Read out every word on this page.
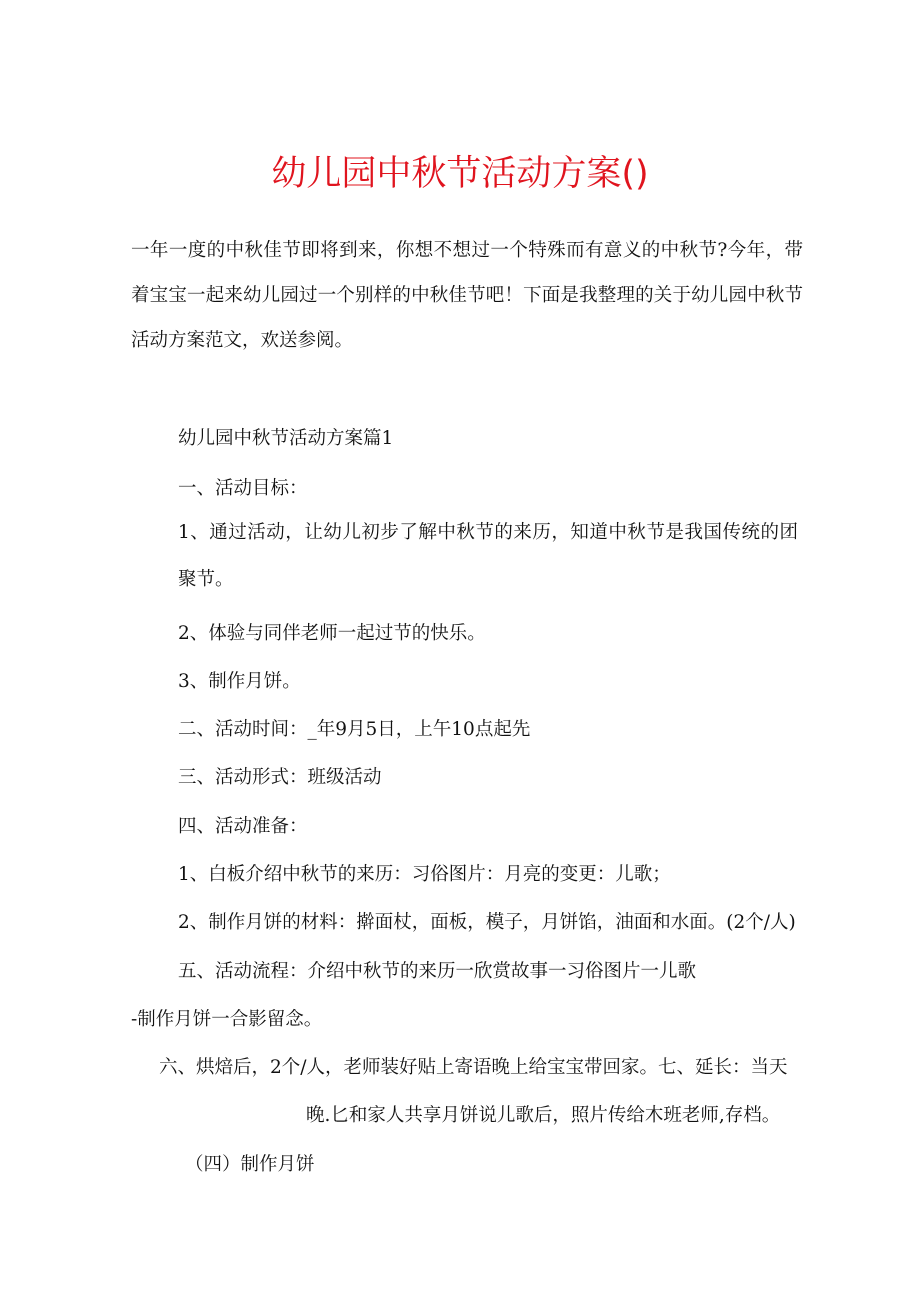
幼儿园中秋节活动方案()

一年一度的中秋佳节即将到来，你想不想过一个特殊而有意义的中秋节?今年，带着宝宝一起来幼儿园过一个别样的中秋佳节吧！下面是我整理的关于幼儿园中秋节活动方案范文，欢送参阅。

幼儿园中秋节活动方案篇1

一、活动目标：

1、通过活动，让幼儿初步了解中秋节的来历，知道中秋节是我国传统的团聚节。

2、体验与同伴老师一起过节的快乐。

3、制作月饼。

二、活动时间：_年9月5日，上午10点起先

三、活动形式：班级活动

四、活动准备：

1、白板介绍中秋节的来历：习俗图片：月亮的变更：儿歌；

2、制作月饼的材料：擀面杖，面板，模子，月饼馅，油面和水面。(2个/人)

五、活动流程：介绍中秋节的来历一欣赏故事一习俗图片一儿歌

-制作月饼一合影留念。

六、烘焙后，2个/人，老师装好贴上寄语晚上给宝宝带回家。七、延长：当天

晚.匕和家人共享月饼说儿歌后，照片传给木班老师,存档。

（四）制作月饼
